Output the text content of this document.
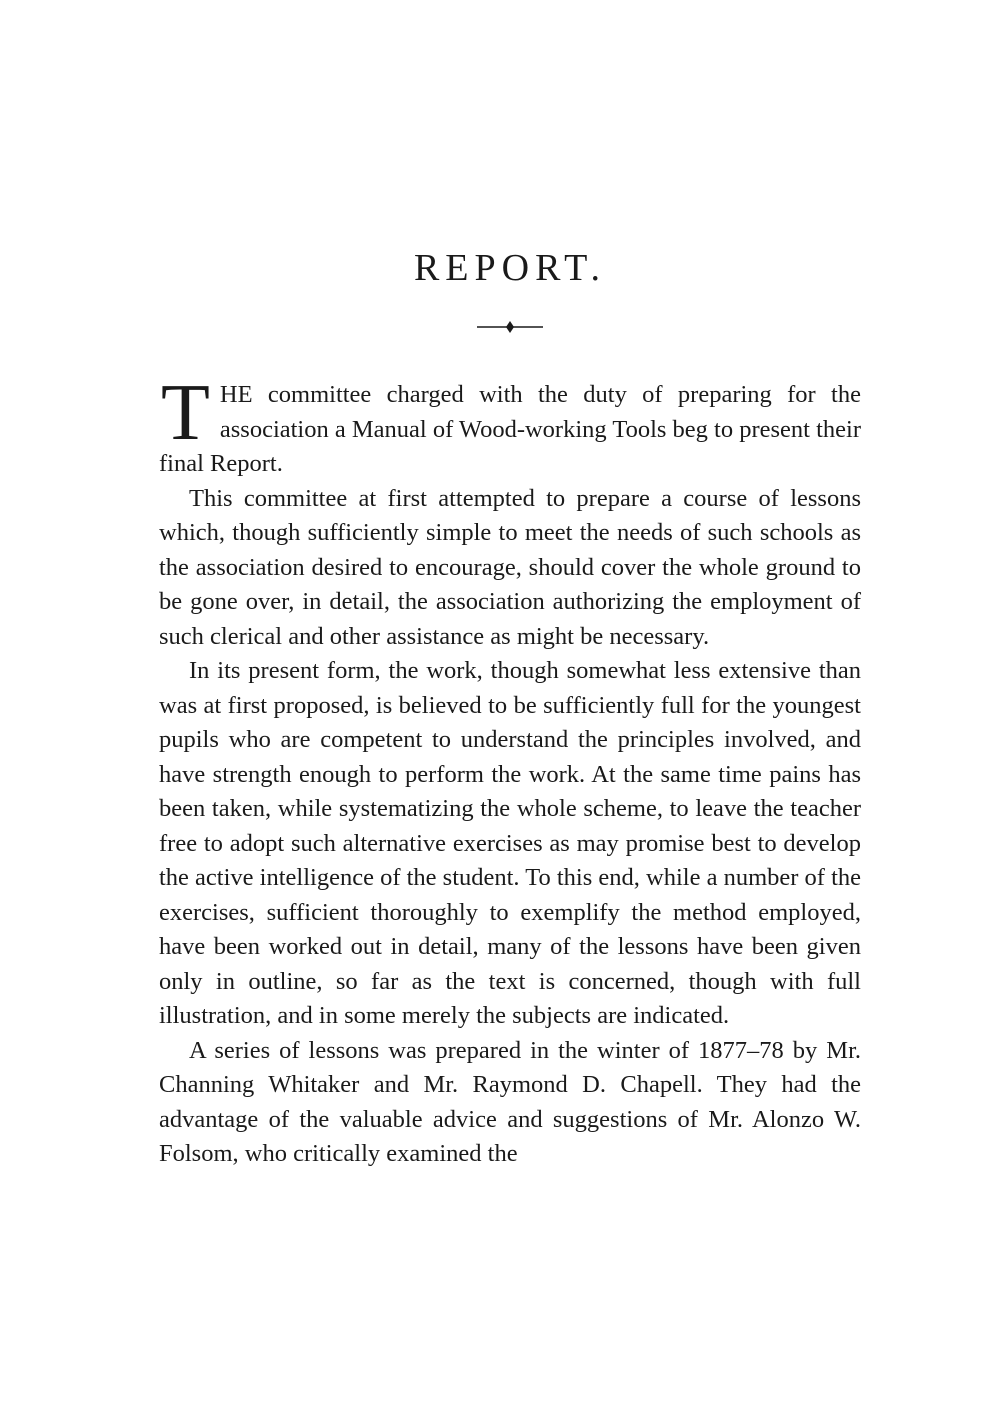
REPORT.

THE committee charged with the duty of preparing for the association a Manual of Wood-working Tools beg to present their final Report.

This committee at first attempted to prepare a course of lessons which, though sufficiently simple to meet the needs of such schools as the association desired to encourage, should cover the whole ground to be gone over, in detail, the association authorizing the employment of such clerical and other assistance as might be necessary.

In its present form, the work, though somewhat less extensive than was at first proposed, is believed to be sufficiently full for the youngest pupils who are competent to understand the principles involved, and have strength enough to perform the work. At the same time pains has been taken, while systematizing the whole scheme, to leave the teacher free to adopt such alternative exercises as may promise best to develop the active intelligence of the student. To this end, while a number of the exercises, sufficient thoroughly to exemplify the method employed, have been worked out in detail, many of the lessons have been given only in outline, so far as the text is concerned, though with full illustration, and in some merely the subjects are indicated.

A series of lessons was prepared in the winter of 1877–78 by Mr. Channing Whitaker and Mr. Raymond D. Chapell. They had the advantage of the valuable advice and suggestions of Mr. Alonzo W. Folsom, who critically examined the
